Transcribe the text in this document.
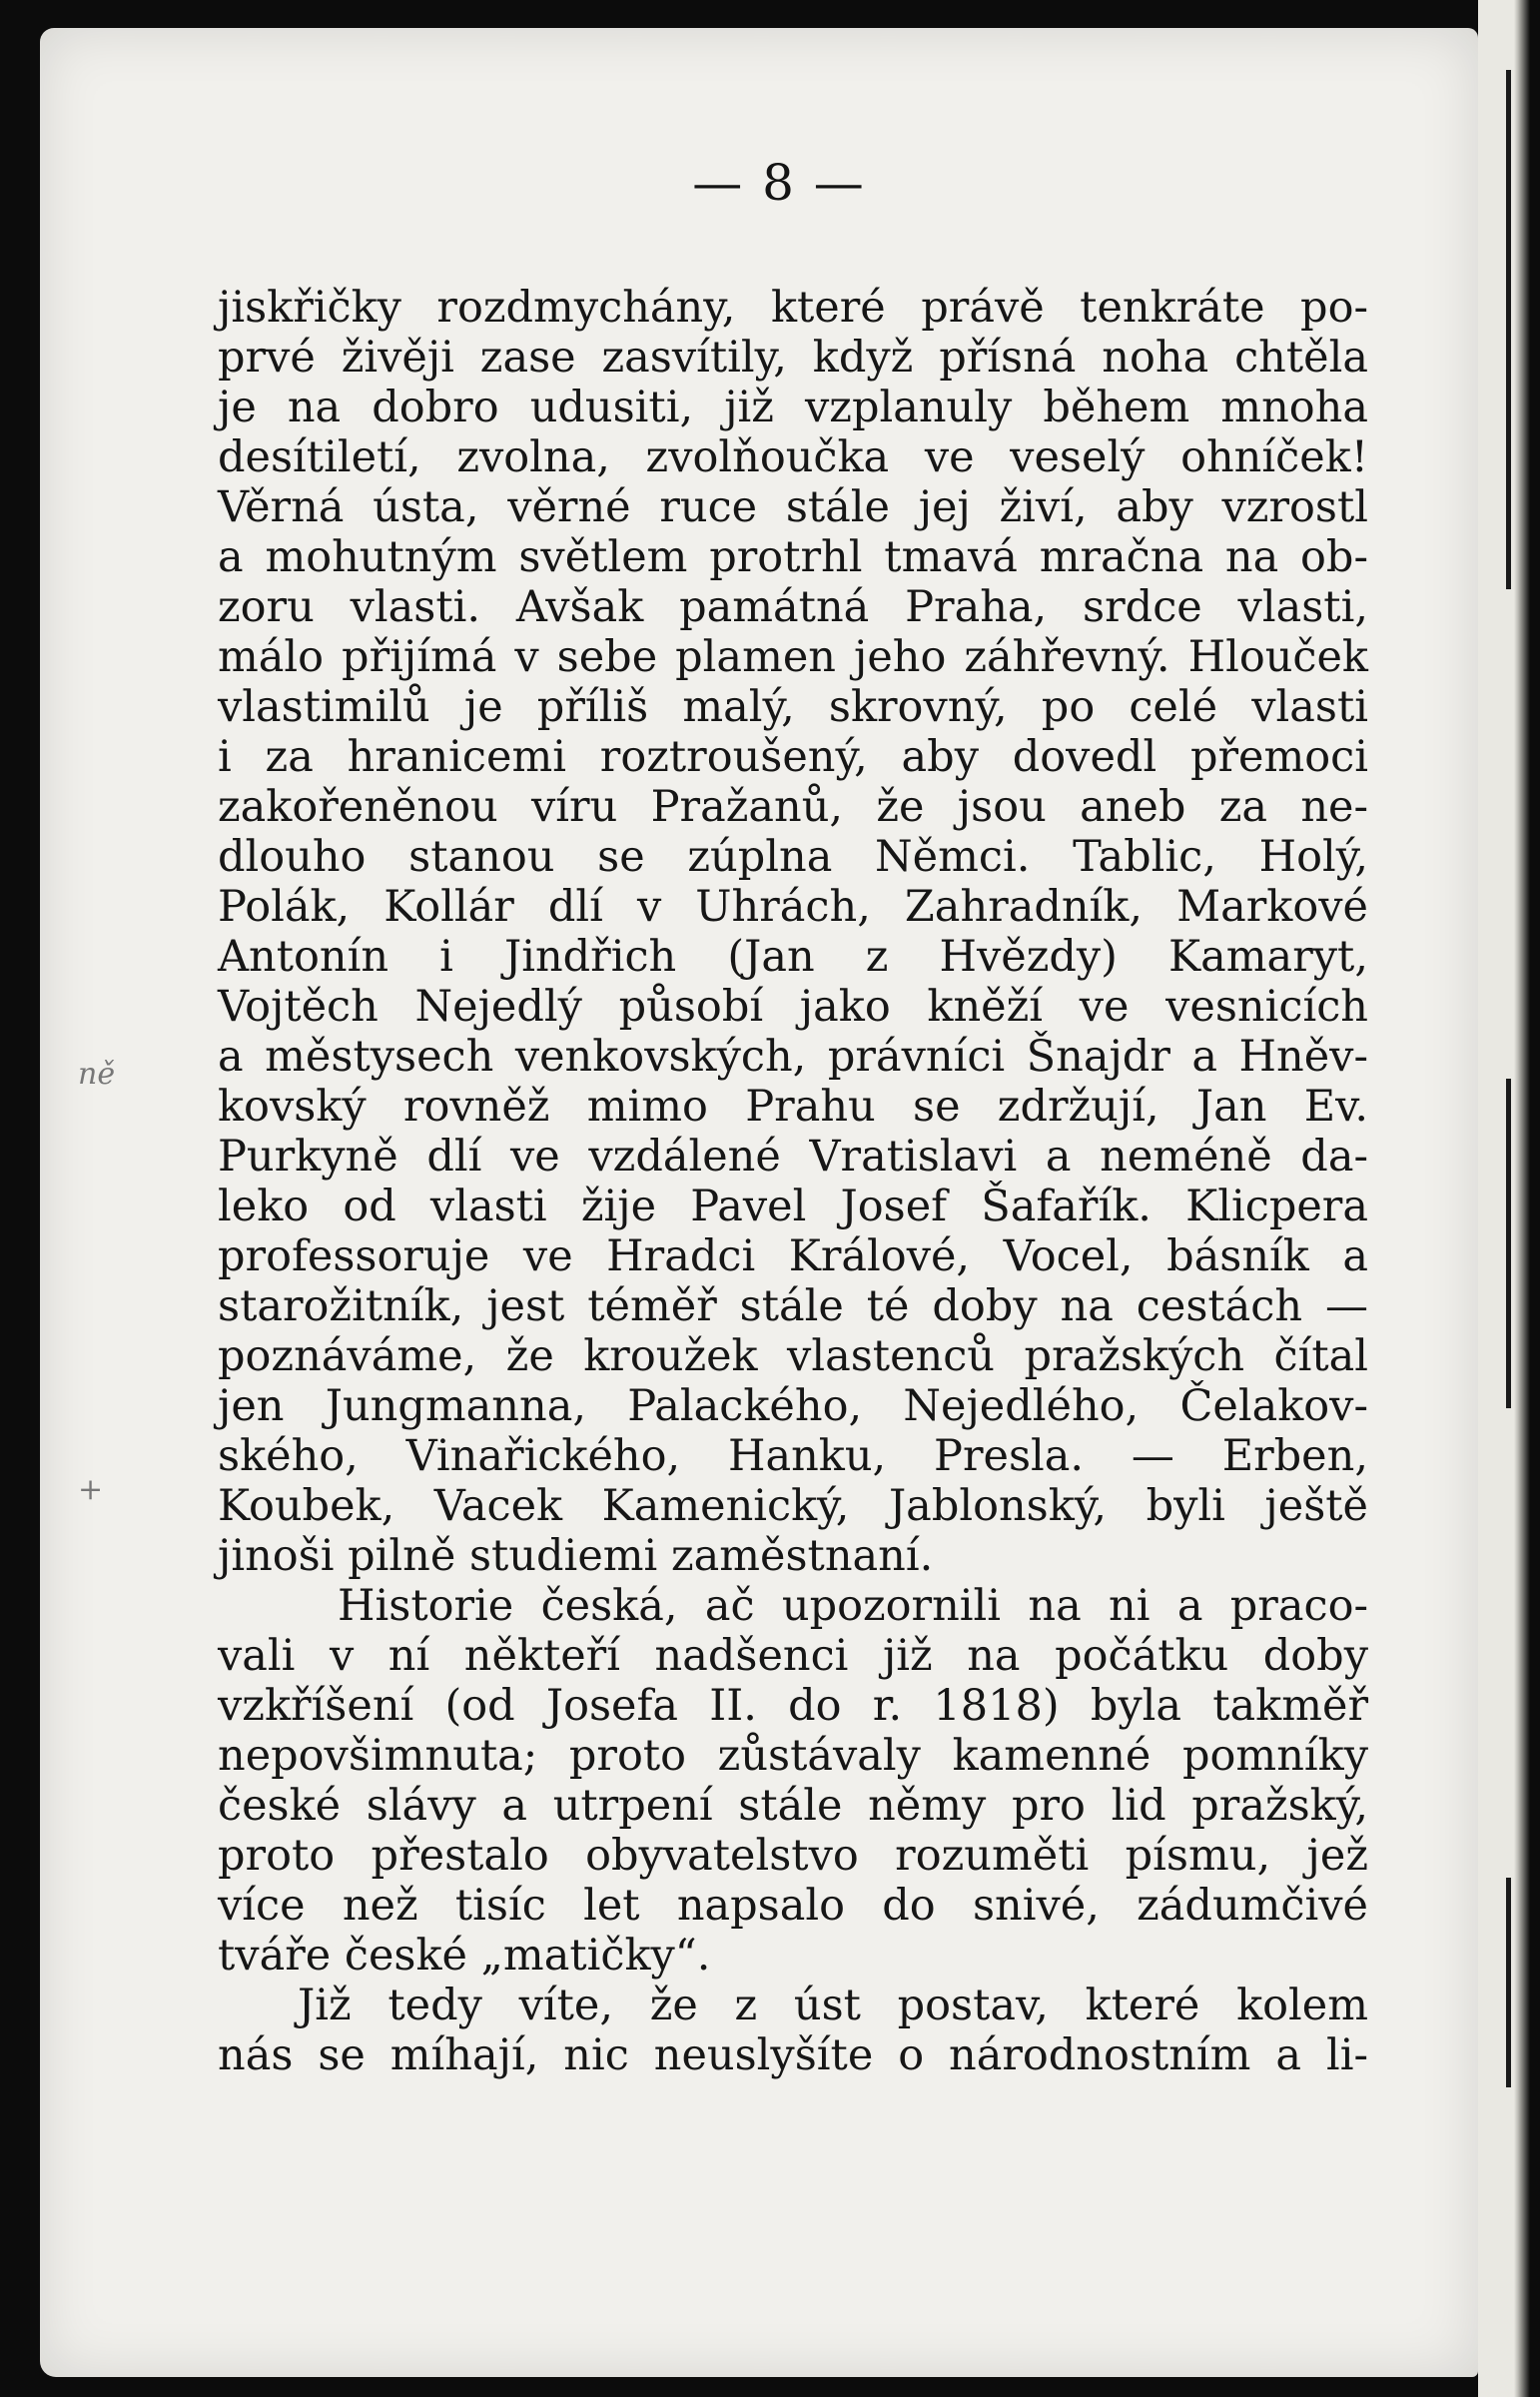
— 8 —
ně
+
jiskřičky rozdmychány, které právě tenkráte po-
prvé živěji zase zasvítily, když přísná noha chtěla
je na dobro udusiti, již vzplanuly během mnoha
desítiletí, zvolna, zvolňoučka ve veselý ohníček!
Věrná ústa, věrné ruce stále jej živí, aby vzrostl
a mohutným světlem protrhl tmavá mračna na ob-
zoru vlasti. Avšak památná Praha, srdce vlasti,
málo přijímá v sebe plamen jeho záhřevný. Hlouček
vlastimilů je příliš malý, skrovný, po celé vlasti
i za hranicemi roztroušený, aby dovedl přemoci
zakořeněnou víru Pražanů, že jsou aneb za ne-
dlouho stanou se zúplna Němci. Tablic, Holý,
Polák, Kollár dlí v Uhrách, Zahradník, Markové
Antonín i Jindřich (Jan z Hvězdy) Kamaryt,
Vojtěch Nejedlý působí jako kněží ve vesnicích
a městysech venkovských, právníci Šnajdr a Hněv-
kovský rovněž mimo Prahu se zdržují, Jan Ev.
Purkyně dlí ve vzdálené Vratislavi a neméně da-
leko od vlasti žije Pavel Josef Šafařík. Klicpera
professoruje ve Hradci Králové, Vocel, básník a
starožitník, jest téměř stále té doby na cestách —
poznáváme, že kroužek vlastenců pražských čítal
jen Jungmanna, Palackého, Nejedlého, Čelakov-
ského, Vinařického, Hanku, Presla. — Erben,
Koubek, Vacek Kamenický, Jablonský, byli ještě
jinoši pilně studiemi zaměstnaní.
Historie česká, ač upozornili na ni a praco-
vali v ní někteří nadšenci již na počátku doby
vzkříšení (od Josefa II. do r. 1818) byla takměř
nepovšimnuta; proto zůstávaly kamenné pomníky
české slávy a utrpení stále němy pro lid pražský,
proto přestalo obyvatelstvo rozuměti písmu, jež
více než tisíc let napsalo do snivé, zádumčivé
tváře české „matičky“.
Již tedy víte, že z úst postav, které kolem
nás se míhají, nic neuslyšíte o národnostním a li-
